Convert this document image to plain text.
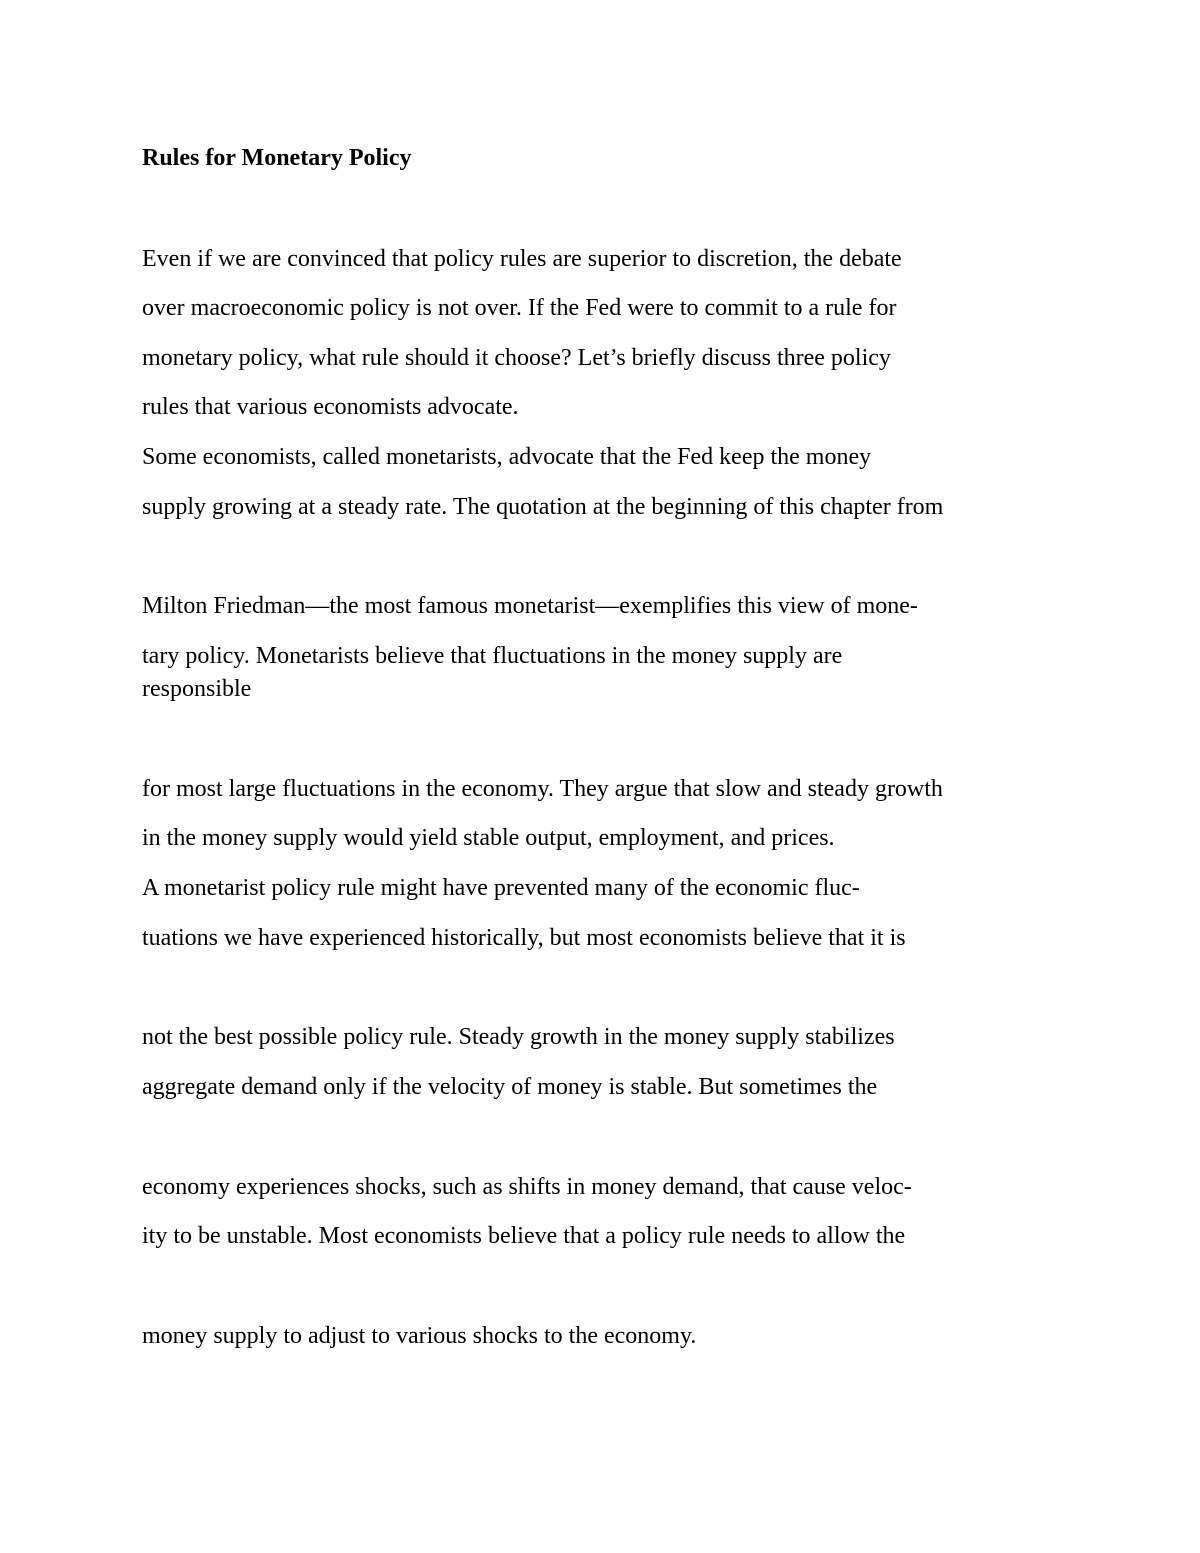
Rules for Monetary Policy

Even if we are convinced that policy rules are superior to discretion, the debate

over macroeconomic policy is not over. If the Fed were to commit to a rule for

monetary policy, what rule should it choose? Let’s briefly discuss three policy

rules that various economists advocate.

Some economists, called monetarists, advocate that the Fed keep the money

supply growing at a steady rate. The quotation at the beginning of this chapter from

Milton Friedman—the most famous monetarist—exemplifies this view of mone-

tary policy. Monetarists believe that fluctuations in the money supply are

responsible

for most large fluctuations in the economy. They argue that slow and steady growth

in the money supply would yield stable output, employment, and prices.

A monetarist policy rule might have prevented many of the economic fluc-

tuations we have experienced historically, but most economists believe that it is

not the best possible policy rule. Steady growth in the money supply stabilizes

aggregate demand only if the velocity of money is stable. But sometimes the

economy experiences shocks, such as shifts in money demand, that cause veloc-

ity to be unstable. Most economists believe that a policy rule needs to allow the

money supply to adjust to various shocks to the economy.
